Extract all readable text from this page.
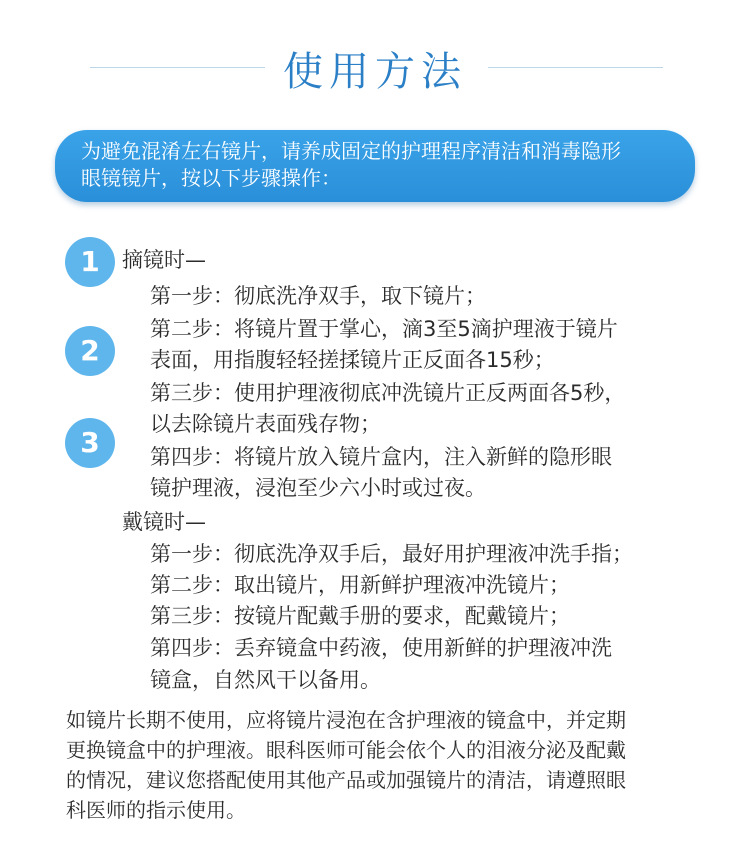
使用方法
为避免混淆左右镜片，请养成固定的护理程序清洁和消毒隐形
眼镜镜片，按以下步骤操作：
1
2
3
摘镜时—
第一步：彻底洗净双手，取下镜片；
第二步：将镜片置于掌心，滴3至5滴护理液于镜片
表面，用指腹轻轻搓揉镜片正反面各15秒；
第三步：使用护理液彻底冲洗镜片正反两面各5秒，
以去除镜片表面残存物；
第四步：将镜片放入镜片盒内，注入新鲜的隐形眼
镜护理液，浸泡至少六小时或过夜。
戴镜时—
第一步：彻底洗净双手后，最好用护理液冲洗手指；
第二步：取出镜片，用新鲜护理液冲洗镜片；
第三步：按镜片配戴手册的要求，配戴镜片；
第四步：丢弃镜盒中药液，使用新鲜的护理液冲洗
镜盒，自然风干以备用。
如镜片长期不使用，应将镜片浸泡在含护理液的镜盒中，并定期
更换镜盒中的护理液。眼科医师可能会依个人的泪液分泌及配戴
的情况，建议您搭配使用其他产品或加强镜片的清洁，请遵照眼
科医师的指示使用。
